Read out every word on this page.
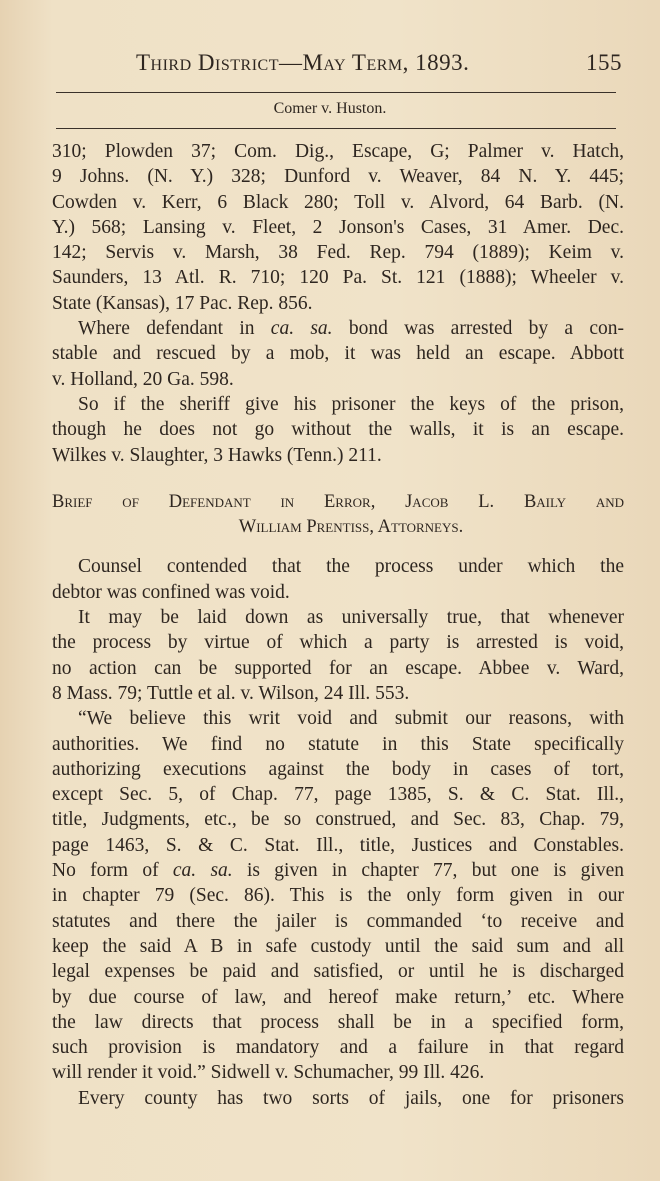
Third District—May Term, 1893.	155
Comer v. Huston.
310; Plowden 37; Com. Dig., Escape, G; Palmer v. Hatch,
9 Johns. (N. Y.) 328; Dunford v. Weaver, 84 N. Y. 445;
Cowden v. Kerr, 6 Black 280; Toll v. Alvord, 64 Barb. (N.
Y.) 568; Lansing v. Fleet, 2 Jonson's Cases, 31 Amer. Dec.
142; Servis v. Marsh, 38 Fed. Rep. 794 (1889); Keim v.
Saunders, 13 Atl. R. 710; 120 Pa. St. 121 (1888); Wheeler v.
State (Kansas), 17 Pac. Rep. 856.
Where defendant in ca. sa. bond was arrested by a con-
stable and rescued by a mob, it was held an escape. Abbott
v. Holland, 20 Ga. 598.
So if the sheriff give his prisoner the keys of the prison,
though he does not go without the walls, it is an escape.
Wilkes v. Slaughter, 3 Hawks (Tenn.) 211.
Brief of Defendant in Error, Jacob L. Baily and
William Prentiss, Attorneys.
Counsel contended that the process under which the
debtor was confined was void.
It may be laid down as universally true, that whenever
the process by virtue of which a party is arrested is void,
no action can be supported for an escape. Abbee v. Ward,
8 Mass. 79; Tuttle et al. v. Wilson, 24 Ill. 553.
“We believe this writ void and submit our reasons, with
authorities. We find no statute in this State specifically
authorizing executions against the body in cases of tort,
except Sec. 5, of Chap. 77, page 1385, S. & C. Stat. Ill.,
title, Judgments, etc., be so construed, and Sec. 83, Chap. 79,
page 1463, S. & C. Stat. Ill., title, Justices and Constables.
No form of ca. sa. is given in chapter 77, but one is given
in chapter 79 (Sec. 86). This is the only form given in our
statutes and there the jailer is commanded ‘to receive and
keep the said A B in safe custody until the said sum and all
legal expenses be paid and satisfied, or until he is discharged
by due course of law, and hereof make return,’ etc. Where
the law directs that process shall be in a specified form,
such provision is mandatory and a failure in that regard
will render it void.” Sidwell v. Schumacher, 99 Ill. 426.
Every county has two sorts of jails, one for prisoners
